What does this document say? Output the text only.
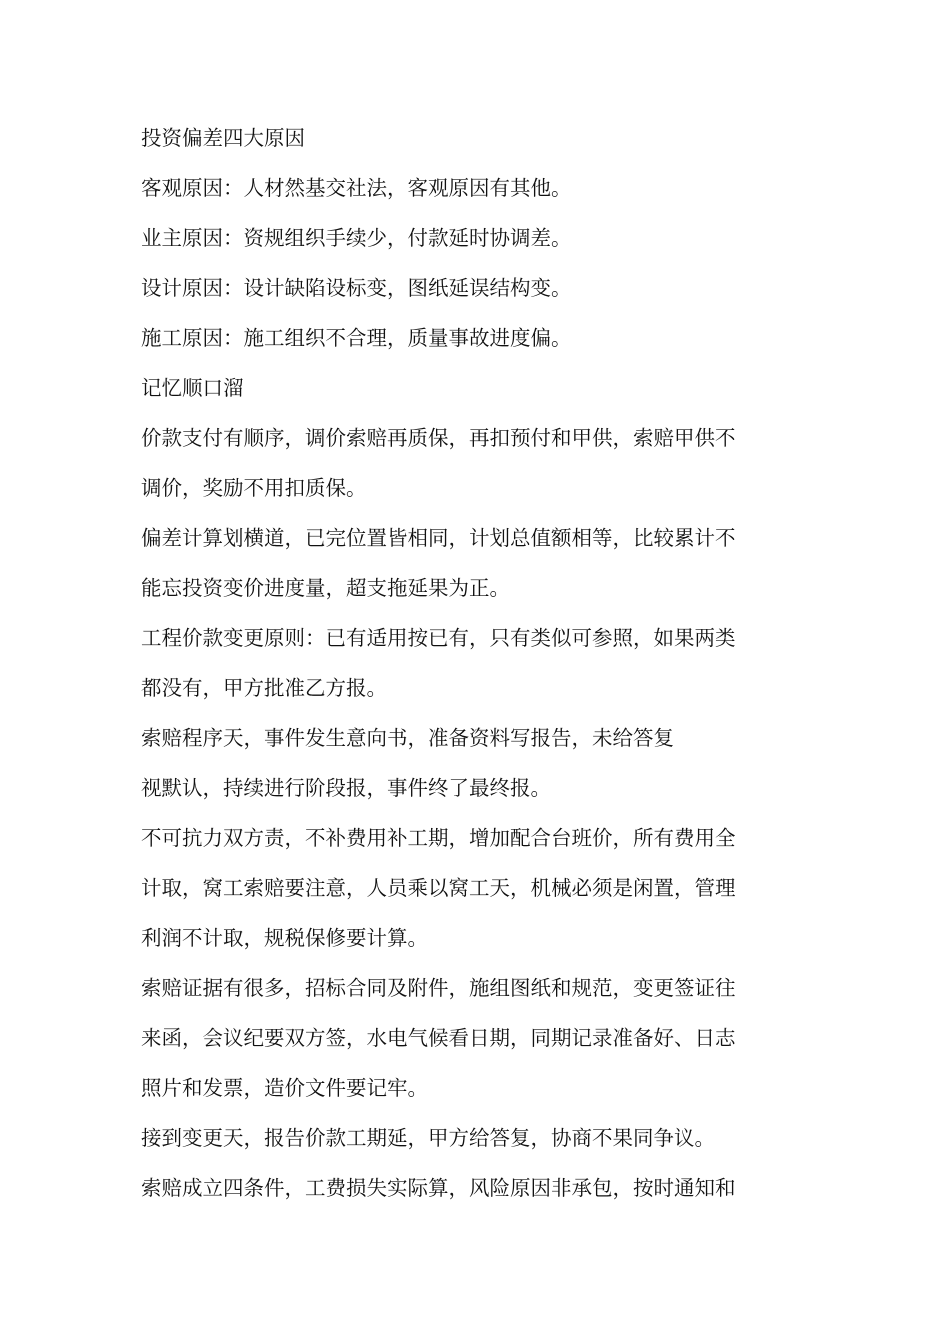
投资偏差四大原因
客观原因：人材然基交社法，客观原因有其他。
业主原因：资规组织手续少，付款延时协调差。
设计原因：设计缺陷设标变，图纸延误结构变。
施工原因：施工组织不合理，质量事故进度偏。
记忆顺口溜
价款支付有顺序，调价索赔再质保，再扣预付和甲供，索赔甲供不
调价，奖励不用扣质保。
偏差计算划横道，已完位置皆相同，计划总值额相等，比较累计不
能忘投资变价进度量，超支拖延果为正。
工程价款变更原则：已有适用按已有，只有类似可参照，如果两类
都没有，甲方批准乙方报。
索赔程序天，事件发生意向书，准备资料写报告，未给答复
视默认，持续进行阶段报，事件终了最终报。
不可抗力双方责，不补费用补工期，增加配合台班价，所有费用全
计取，窝工索赔要注意，人员乘以窝工天，机械必须是闲置，管理
利润不计取，规税保修要计算。
索赔证据有很多，招标合同及附件，施组图纸和规范，变更签证往
来函，会议纪要双方签，水电气候看日期，同期记录准备好、日志
照片和发票，造价文件要记牢。
接到变更天，报告价款工期延，甲方给答复，协商不果同争议。
索赔成立四条件，工费损失实际算，风险原因非承包，按时通知和
